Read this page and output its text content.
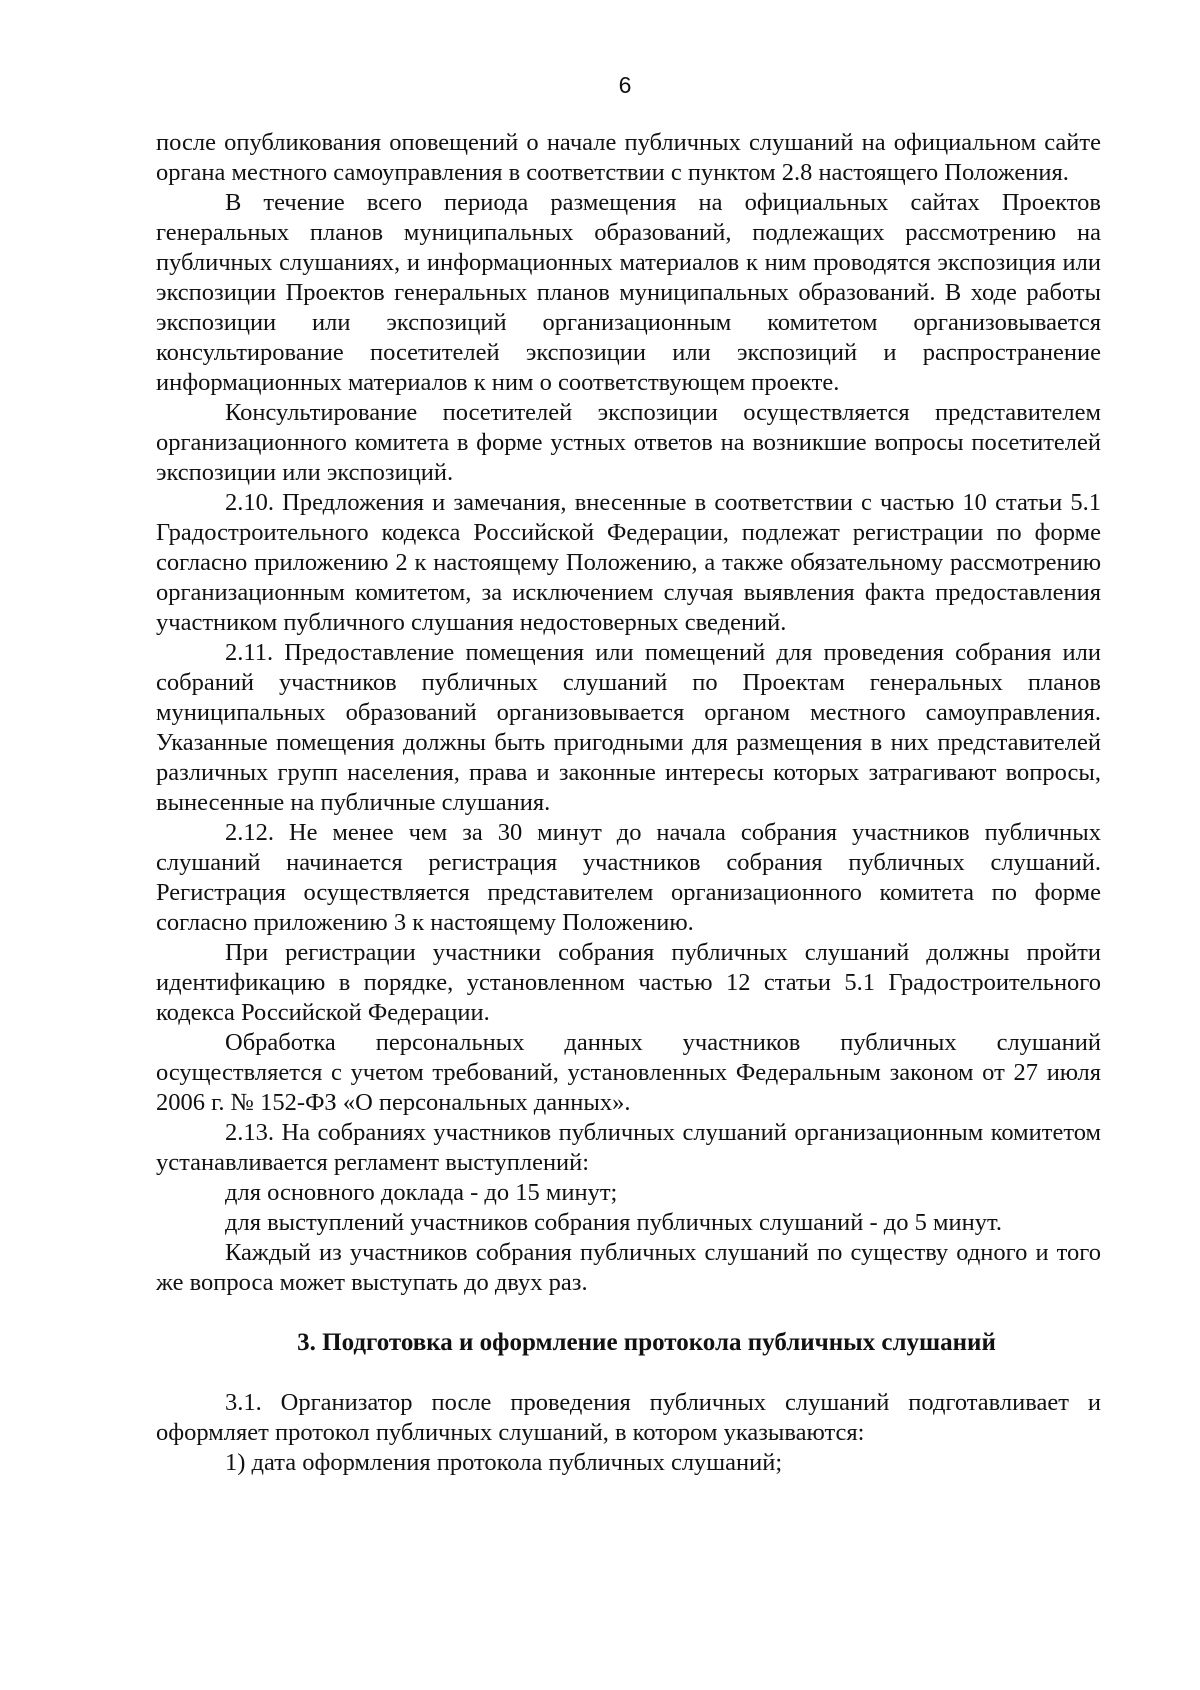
6

после опубликования оповещений о начале публичных слушаний на официальном сайте органа местного самоуправления в соответствии с пунктом 2.8 настоящего Положения.

В течение всего периода размещения на официальных сайтах Проектов генеральных планов муниципальных образований, подлежащих рассмотрению на публичных слушаниях, и информационных материалов к ним проводятся экспозиция или экспозиции Проектов генеральных планов муниципальных образований. В ходе работы экспозиции или экспозиций организационным комитетом организовывается консультирование посетителей экспозиции или экспозиций и распространение информационных материалов к ним о соответствующем проекте.

Консультирование посетителей экспозиции осуществляется представителем организационного комитета в форме устных ответов на возникшие вопросы посетителей экспозиции или экспозиций.

2.10. Предложения и замечания, внесенные в соответствии с частью 10 статьи 5.1 Градостроительного кодекса Российской Федерации, подлежат регистрации по форме согласно приложению 2 к настоящему Положению, а также обязательному рассмотрению организационным комитетом, за исключением случая выявления факта предоставления участником публичного слушания недостоверных сведений.

2.11. Предоставление помещения или помещений для проведения собрания или собраний участников публичных слушаний по Проектам генеральных планов муниципальных образований организовывается органом местного самоуправления. Указанные помещения должны быть пригодными для размещения в них представителей различных групп населения, права и законные интересы которых затрагивают вопросы, вынесенные на публичные слушания.

2.12. Не менее чем за 30 минут до начала собрания участников публичных слушаний начинается регистрация участников собрания публичных слушаний. Регистрация осуществляется представителем организационного комитета по форме согласно приложению 3 к настоящему Положению.

При регистрации участники собрания публичных слушаний должны пройти идентификацию в порядке, установленном частью 12 статьи 5.1 Градостроительного кодекса Российской Федерации.

Обработка персональных данных участников публичных слушаний осуществляется с учетом требований, установленных Федеральным законом от 27 июля 2006 г. № 152-ФЗ «О персональных данных».

2.13. На собраниях участников публичных слушаний организационным комитетом устанавливается регламент выступлений:

для основного доклада - до 15 минут;

для выступлений участников собрания публичных слушаний - до 5 минут.

Каждый из участников собрания публичных слушаний по существу одного и того же вопроса может выступать до двух раз.

3. Подготовка и оформление протокола публичных слушаний

3.1. Организатор после проведения публичных слушаний подготавливает и оформляет протокол публичных слушаний, в котором указываются:

1) дата оформления протокола публичных слушаний;
